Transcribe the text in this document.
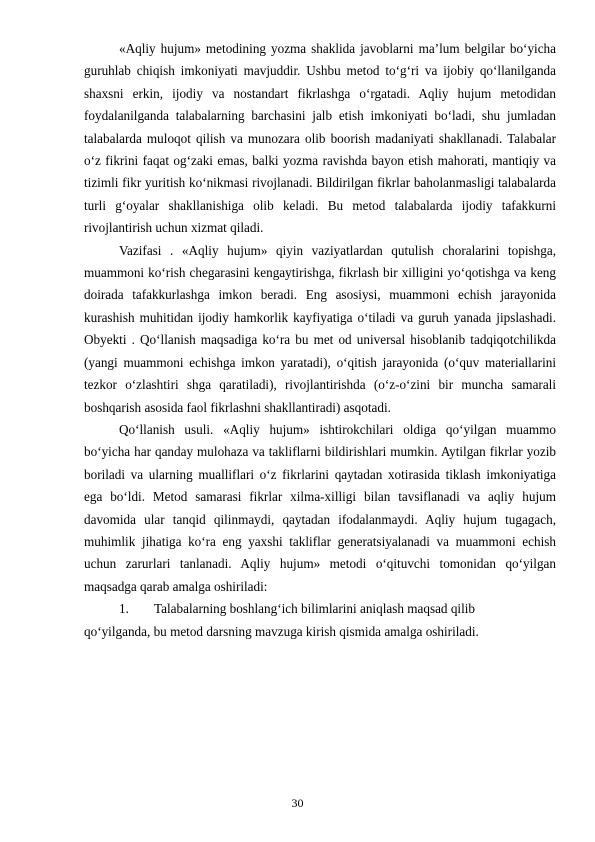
«Aqliy hujum» metodining yozma shaklida javoblarni ma’lum belgilar bo‘yicha guruhlab chiqish imkoniyati mavjuddir. Ushbu metod to‘g‘ri va ijobiy qo‘llanilganda shaxsni erkin, ijodiy va nostandart fikrlashga o‘rgatadi. Aqliy hujum metodidan foydalanilganda talabalarning barchasini jalb etish imkoniyati bo‘ladi, shu jumladan talabalarda muloqot qilish va munozara olib boorish madaniyati shakllanadi. Talabalar o‘z fikrini faqat og‘zaki emas, balki yozma ravishda bayon etish mahorati, mantiqiy va tizimli fikr yuritish ko‘nikmasi rivojlanadi. Bildirilgan fikrlar baholanmasligi talabalarda turli g‘oyalar shakllanishiga olib keladi. Bu metod talabalarda ijodiy tafakkurni rivojlantirish uchun xizmat qiladi.

Vazifasi . «Aqliy hujum» qiyin vaziyatlardan qutulish choralarini topishga, muammoni ko‘rish chegarasini kengaytirishga, fikrlash bir xilligini yo‘qotishga va keng doirada tafakkurlashga imkon beradi. Eng asosiysi, muammoni echish jarayonida kurashish muhitidan ijodiy hamkorlik kayfiyatiga o‘tiladi va guruh yanada jipslashadi. Obyekti . Qo‘llanish maqsadiga ko‘ra bu met od universal hisoblanib tadqiqotchilikda (yangi muammoni echishga imkon yaratadi), o‘qitish jarayonida (o‘quv materiallarini tezkor o‘zlashtiri shga qaratiladi), rivojlantirishda (o‘z-o‘zini bir muncha samarali boshqarish asosida faol fikrlashni shakllantiradi) asqotadi.

Qo‘llanish usuli. «Aqliy hujum» ishtirokchilari oldiga qo‘yilgan muammo bo‘yicha har qanday mulohaza va takliflarni bildirishlari mumkin. Aytilgan fikrlar yozib boriladi va ularning mualliflari o‘z fikrlarini qaytadan xotirasida tiklash imkoniyatiga ega bo‘ldi. Metod samarasi fikrlar xilma-xilligi bilan tavsiflanadi va aqliy hujum davomida ular tanqid qilinmaydi, qaytadan ifodalanmaydi. Aqliy hujum tugagach, muhimlik jihatiga ko‘ra eng yaxshi takliflar generatsiyalanadi va muammoni echish uchun zarurlari tanlanadi. Aqliy hujum» metodi o‘qituvchi tomonidan qo‘yilgan maqsadga qarab amalga oshiriladi:

1. Talabalarning boshlang‘ich bilimlarini aniqlash maqsad qilib
qo‘yilganda, bu metod darsning mavzuga kirish qismida amalga oshiriladi.
30
